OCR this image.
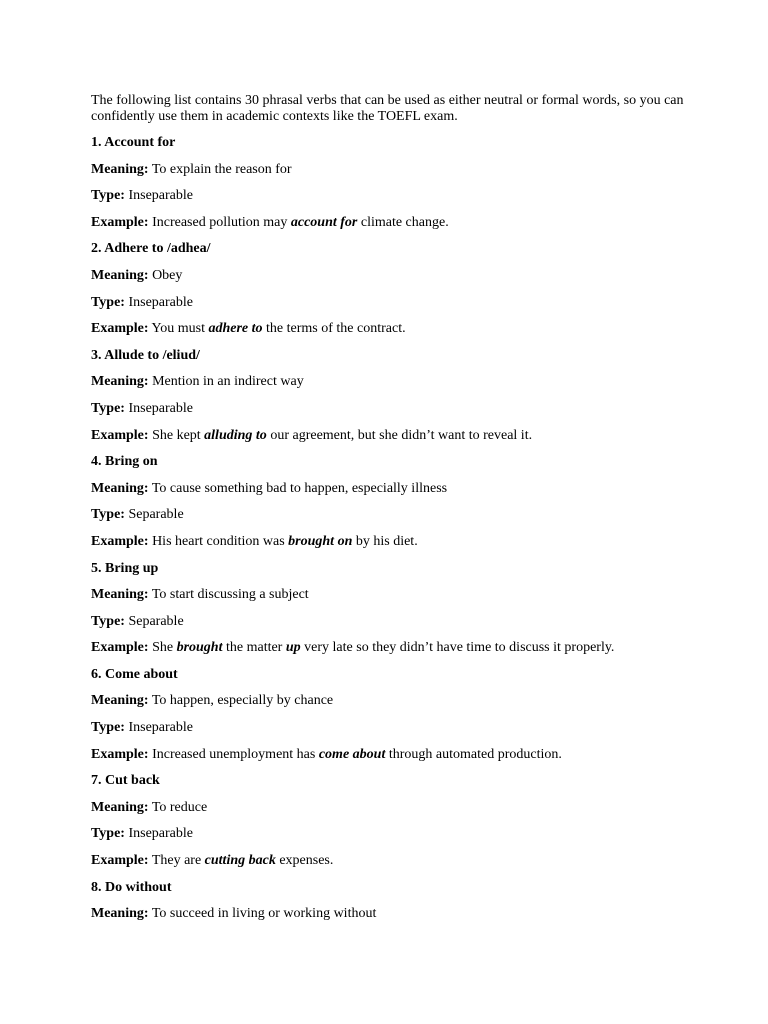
The following list contains 30 phrasal verbs that can be used as either neutral or formal words, so you can confidently use them in academic contexts like the TOEFL exam.

1. Account for
Meaning: To explain the reason for
Type: Inseparable
Example: Increased pollution may account for climate change.
2. Adhere to /adhea/
Meaning: Obey
Type: Inseparable
Example: You must adhere to the terms of the contract.
3. Allude to /eliud/
Meaning: Mention in an indirect way
Type: Inseparable
Example: She kept alluding to our agreement, but she didn’t want to reveal it.
4. Bring on
Meaning: To cause something bad to happen, especially illness
Type: Separable
Example: His heart condition was brought on by his diet.
5. Bring up
Meaning: To start discussing a subject
Type: Separable
Example: She brought the matter up very late so they didn’t have time to discuss it properly.
6. Come about
Meaning: To happen, especially by chance
Type: Inseparable
Example: Increased unemployment has come about through automated production.
7. Cut back
Meaning: To reduce
Type: Inseparable
Example: They are cutting back expenses.
8. Do without
Meaning: To succeed in living or working without
